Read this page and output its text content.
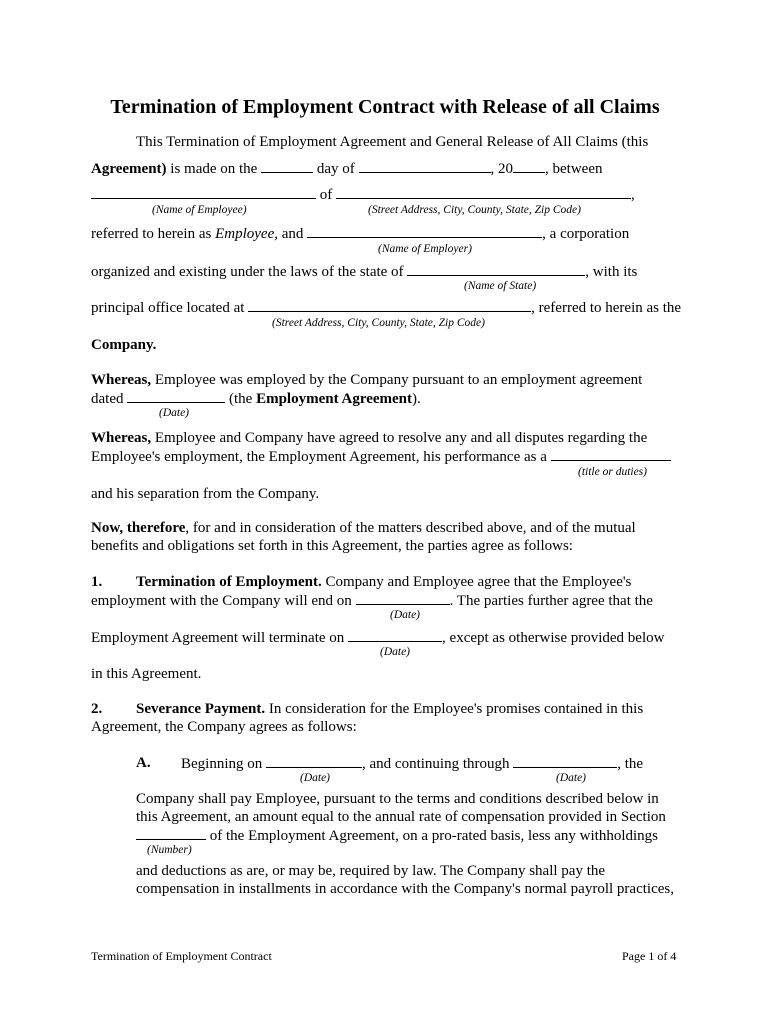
Termination of Employment Contract with Release of all Claims
This Termination of Employment Agreement and General Release of All Claims (this
Agreement) is made on the	day of	, 20 , between
of	,
(Name of Employee)	(Street Address, City, County, State, Zip Code)
referred to herein as Employee, and	, a corporation
(Name of Employer)
organized and existing under the laws of the state of	, with its
(Name of State)
principal office located at	, referred to herein as the
(Street Address, City, County, State, Zip Code)
Company.
Whereas, Employee was employed by the Company pursuant to an employment agreement
dated	(the Employment Agreement).
(Date)
Whereas, Employee and Company have agreed to resolve any and all disputes regarding the
Employee's employment, the Employment Agreement, his performance as a
(title or duties)
and his separation from the Company.
Now, therefore, for and in consideration of the matters described above, and of the mutual
benefits and obligations set forth in this Agreement, the parties agree as follows:
1. Termination of Employment. Company and Employee agree that the Employee's
employment with the Company will end on	. The parties further agree that the
(Date)
Employment Agreement will terminate on	, except as otherwise provided below
(Date)
in this Agreement.
2. Severance Payment. In consideration for the Employee's promises contained in this
Agreement, the Company agrees as follows:
A. Beginning on	, and continuing through	, the
(Date)	(Date)
Company shall pay Employee, pursuant to the terms and conditions described below in
this Agreement, an amount equal to the annual rate of compensation provided in Section
of the Employment Agreement, on a pro-rated basis, less any withholdings
(Number)
and deductions as are, or may be, required by law. The Company shall pay the
compensation in installments in accordance with the Company's normal payroll practices,
Termination of Employment Contract	Page 1 of 4
